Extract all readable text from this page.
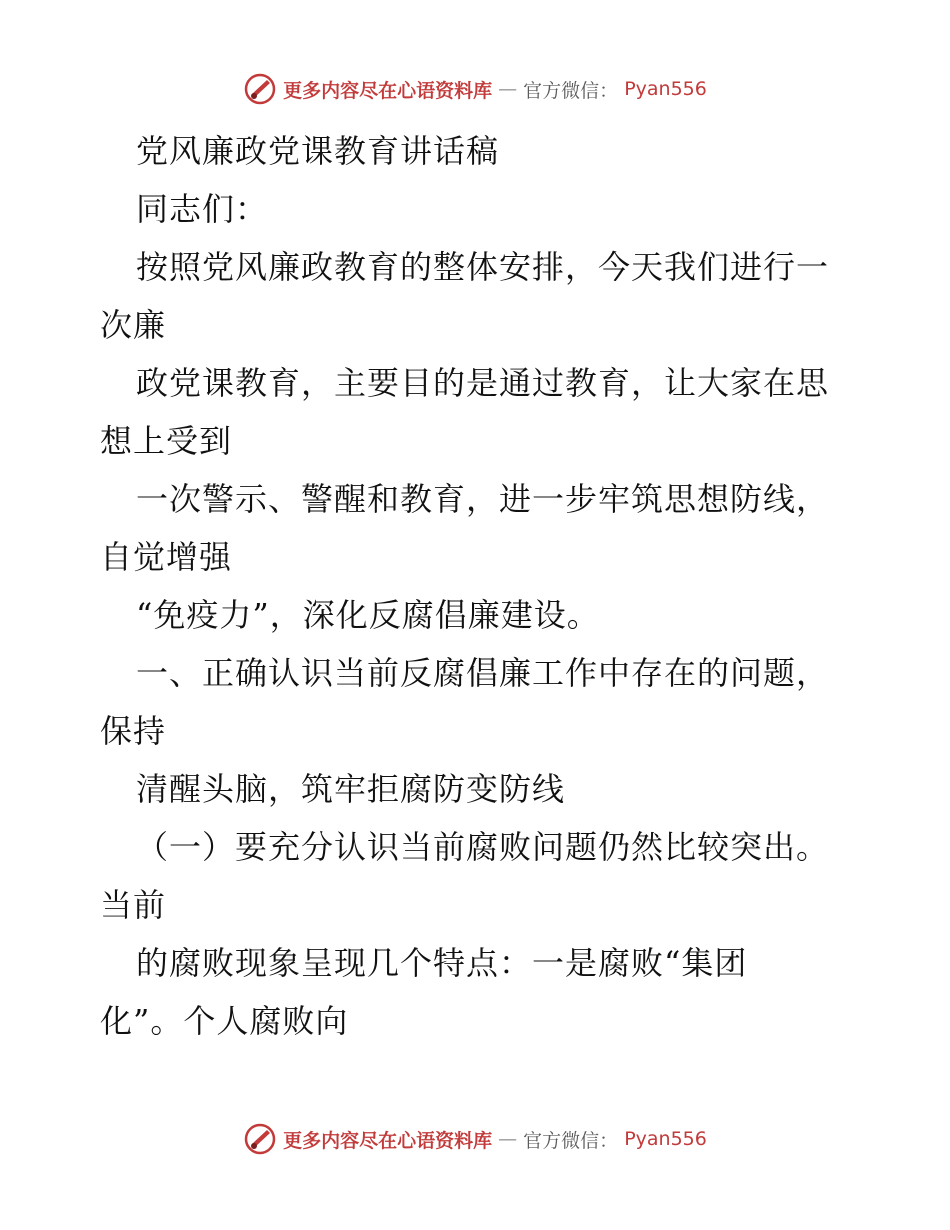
更多内容尽在心语资料库 — 官方微信： Pyan556
党风廉政党课教育讲话稿
同志们：
按照党风廉政教育的整体安排，今天我们进行一
次廉
政党课教育，主要目的是通过教育，让大家在思
想上受到
一次警示、警醒和教育，进一步牢筑思想防线，
自觉增强
“免疫力”，深化反腐倡廉建设。
一、正确认识当前反腐倡廉工作中存在的问题，
保持
清醒头脑，筑牢拒腐防变防线
（一）要充分认识当前腐败问题仍然比较突出。
当前
的腐败现象呈现几个特点：一是腐败“集团
化”。个人腐败向
更多内容尽在心语资料库 — 官方微信： Pyan556
